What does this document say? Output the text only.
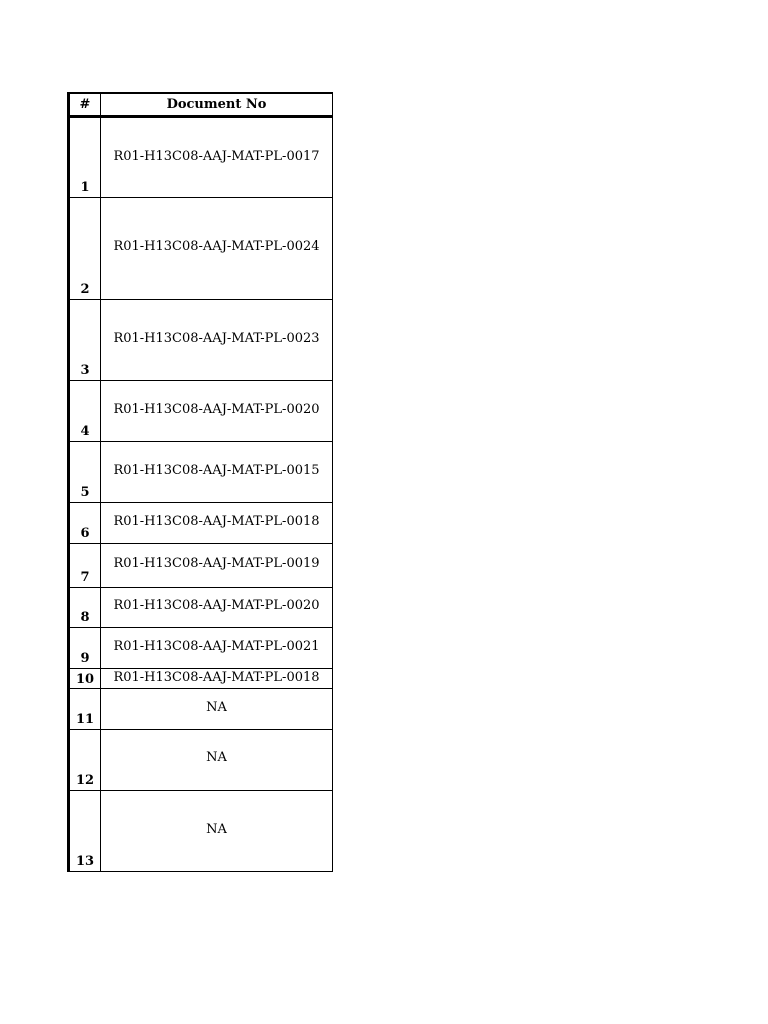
#	Document No
1	R01-H13C08-AAJ-MAT-PL-0017
2	R01-H13C08-AAJ-MAT-PL-0024
3	R01-H13C08-AAJ-MAT-PL-0023
4	R01-H13C08-AAJ-MAT-PL-0020
5	R01-H13C08-AAJ-MAT-PL-0015
6	R01-H13C08-AAJ-MAT-PL-0018
7	R01-H13C08-AAJ-MAT-PL-0019
8	R01-H13C08-AAJ-MAT-PL-0020
9	R01-H13C08-AAJ-MAT-PL-0021
10	R01-H13C08-AAJ-MAT-PL-0018
11	NA
12	NA
13	NA
